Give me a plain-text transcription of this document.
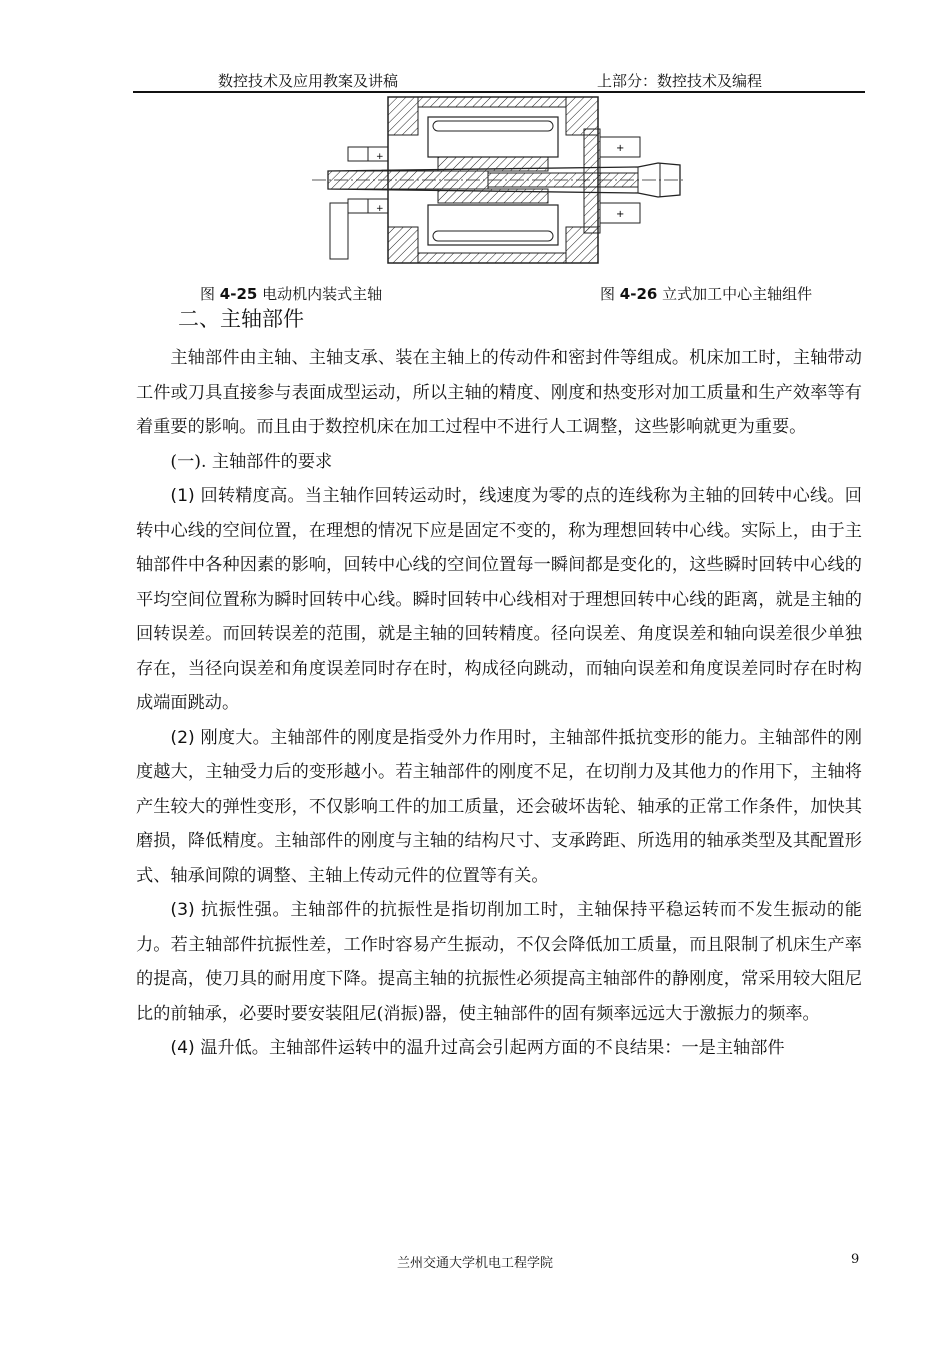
数控技术及应用教案及讲稿	上部分：数控技术及编程
+
+
+
+
图 4-25 电动机内装式主轴	图 4-26 立式加工中心主轴组件
二、主轴部件

主轴部件由主轴、主轴支承、装在主轴上的传动件和密封件等组成。机床加工时，主轴带动工件或刀具直接参与表面成型运动，所以主轴的精度、刚度和热变形对加工质量和生产效率等有着重要的影响。而且由于数控机床在加工过程中不进行人工调整，这些影响就更为重要。

(一). 主轴部件的要求

(1) 回转精度高。当主轴作回转运动时，线速度为零的点的连线称为主轴的回转中心线。回转中心线的空间位置，在理想的情况下应是固定不变的，称为理想回转中心线。实际上，由于主轴部件中各种因素的影响，回转中心线的空间位置每一瞬间都是变化的，这些瞬时回转中心线的平均空间位置称为瞬时回转中心线。瞬时回转中心线相对于理想回转中心线的距离，就是主轴的回转误差。而回转误差的范围，就是主轴的回转精度。径向误差、角度误差和轴向误差很少单独存在，当径向误差和角度误差同时存在时，构成径向跳动，而轴向误差和角度误差同时存在时构成端面跳动。

(2) 刚度大。主轴部件的刚度是指受外力作用时，主轴部件抵抗变形的能力。主轴部件的刚度越大，主轴受力后的变形越小。若主轴部件的刚度不足，在切削力及其他力的作用下，主轴将产生较大的弹性变形，不仅影响工件的加工质量，还会破坏齿轮、轴承的正常工作条件，加快其磨损，降低精度。主轴部件的刚度与主轴的结构尺寸、支承跨距、所选用的轴承类型及其配置形式、轴承间隙的调整、主轴上传动元件的位置等有关。

(3) 抗振性强。主轴部件的抗振性是指切削加工时，主轴保持平稳运转而不发生振动的能力。若主轴部件抗振性差，工作时容易产生振动，不仅会降低加工质量，而且限制了机床生产率的提高，使刀具的耐用度下降。提高主轴的抗振性必须提高主轴部件的静刚度，常采用较大阻尼比的前轴承，必要时要安装阻尼(消振)器，使主轴部件的固有频率远远大于激振力的频率。

(4) 温升低。主轴部件运转中的温升过高会引起两方面的不良结果：一是主轴部件

兰州交通大学机电工程学院	9
